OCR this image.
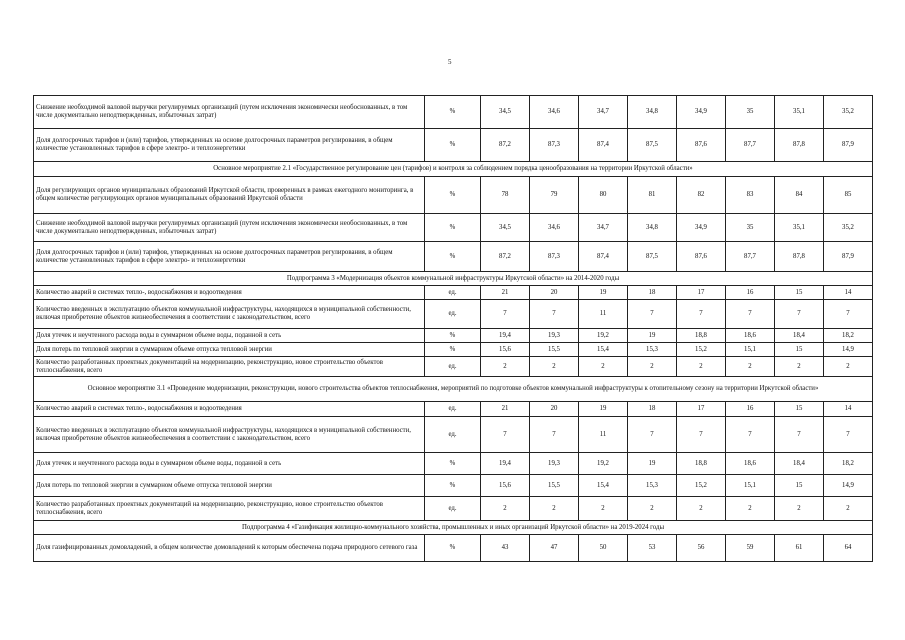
5
Снижение необходимой валовой выручки регулируемых организаций (путем исключения экономически необоснованных, в том числе документально неподтвержденных, избыточных затрат)	%	34,5	34,6	34,7	34,8	34,9	35	35,1	35,2
Доля долгосрочных тарифов и (или) тарифов, утвержденных на основе долгосрочных параметров регулирования, в общем количестве установленных тарифов в сфере электро- и теплоэнергетики	%	87,2	87,3	87,4	87,5	87,6	87,7	87,8	87,9
Основное мероприятие 2.1 «Государственное регулирование цен (тарифов) и контроля за соблюдением порядка ценообразования на территории Иркутской области»									
Доля регулирующих органов муниципальных образований Иркутской области, проверенных в рамках ежегодного мониторинга, в общем количестве регулирующих органов муниципальных образований Иркутской области	%	78	79	80	81	82	83	84	85
Снижение необходимой валовой выручки регулируемых организаций (путем исключения экономически необоснованных, в том числе документально неподтвержденных, избыточных затрат)	%	34,5	34,6	34,7	34,8	34,9	35	35,1	35,2
Доля долгосрочных тарифов и (или) тарифов, утвержденных на основе долгосрочных параметров регулирования, в общем количестве установленных тарифов в сфере электро- и теплоэнергетики	%	87,2	87,3	87,4	87,5	87,6	87,7	87,8	87,9
Подпрограмма 3 «Модернизация объектов коммунальной инфраструктуры Иркутской области» на 2014-2020 годы									
Количество аварий в системах тепло-, водоснабжения и водоотведения	ед.	21	20	19	18	17	16	15	14
Количество введенных в эксплуатацию объектов коммунальной инфраструктуры, находящихся в муниципальной собственности, включая приобретение объектов жизнеобеспечения в соответствии с законодательством, всего	ед.	7	7	11	7	7	7	7	7
Доля утечек и неучтенного расхода воды в суммарном объеме воды, поданной в сеть	%	19,4	19,3	19,2	19	18,8	18,6	18,4	18,2
Доля потерь по тепловой энергии в суммарном объеме отпуска тепловой энергии	%	15,6	15,5	15,4	15,3	15,2	15,1	15	14,9
Количество разработанных проектных документаций на модернизацию, реконструкцию, новое строительство объектов теплоснабжения, всего	ед.	2	2	2	2	2	2	2	2
Основное мероприятие 3.1 «Проведение модернизации, реконструкции, нового строительства объектов теплоснабжения, мероприятий по подготовке объектов коммунальной инфраструктуры к отопительному сезону на территории Иркутской области»									
Количество аварий в системах тепло-, водоснабжения и водоотведения	ед.	21	20	19	18	17	16	15	14
Количество введенных в эксплуатацию объектов коммунальной инфраструктуры, находящихся в муниципальной собственности, включая приобретение объектов жизнеобеспечения в соответствии с законодательством, всего	ед.	7	7	11	7	7	7	7	7
Доля утечек и неучтенного расхода воды в суммарном объеме воды, поданной в сеть	%	19,4	19,3	19,2	19	18,8	18,6	18,4	18,2
Доля потерь по тепловой энергии в суммарном объеме отпуска тепловой энергии	%	15,6	15,5	15,4	15,3	15,2	15,1	15	14,9
Количество разработанных проектных документаций на модернизацию, реконструкцию, новое строительство объектов теплоснабжения, всего	ед.	2	2	2	2	2	2	2	2
Подпрограмма 4 «Газификация жилищно-коммунального хозяйства, промышленных и иных организаций Иркутской области» на 2019-2024 годы									
Доля газифицированных домовладений, в общем количестве домовладений к которым обеспечена подача природного сетевого газа	%	43	47	50	53	56	59	61	64
